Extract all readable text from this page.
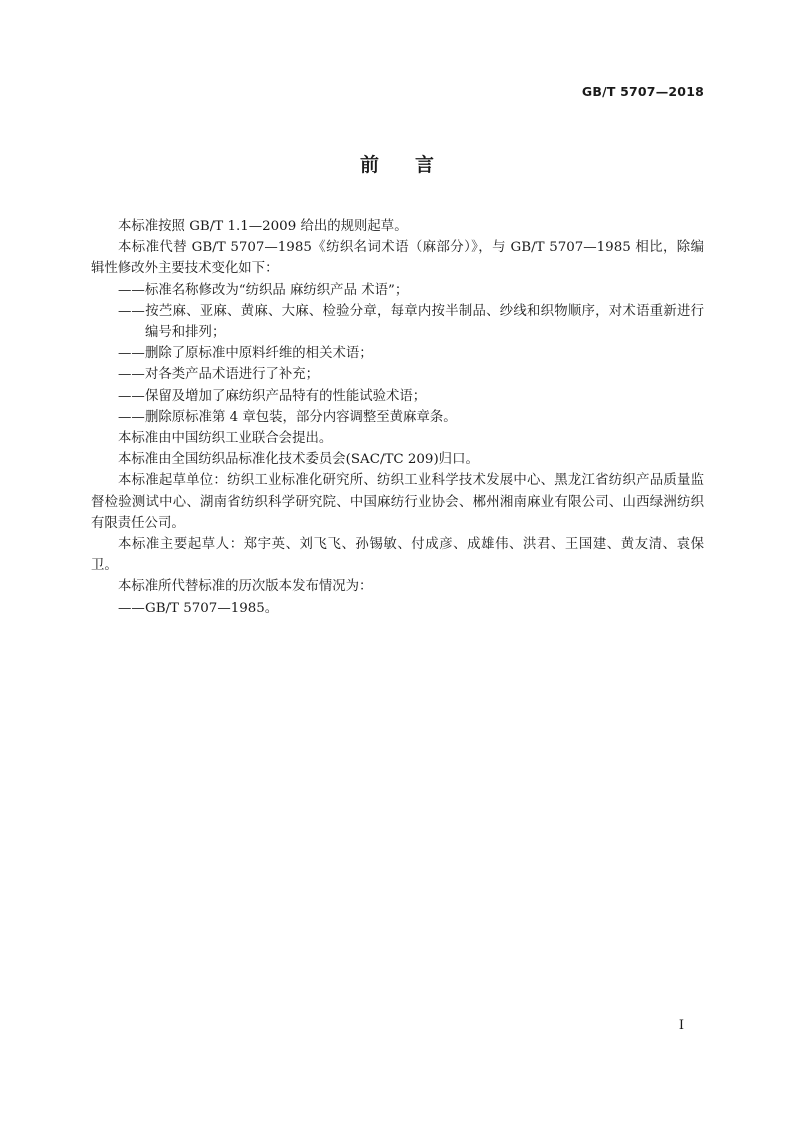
GB/T 5707—2018
前言

本标准按照 GB/T 1.1—2009 给出的规则起草。

本标准代替 GB/T 5707—1985《纺织名词术语（麻部分）》，与 GB/T 5707—1985 相比，除编辑性修改外主要技术变化如下：

——标准名称修改为“纺织品 麻纺织产品 术语”；

——按苎麻、亚麻、黄麻、大麻、检验分章，每章内按半制品、纱线和织物顺序，对术语重新进行编号和排列；

——删除了原标准中原料纤维的相关术语；

——对各类产品术语进行了补充；

——保留及增加了麻纺织产品特有的性能试验术语；

——删除原标准第 4 章包装，部分内容调整至黄麻章条。

本标准由中国纺织工业联合会提出。

本标准由全国纺织品标准化技术委员会(SAC/TC 209)归口。

本标准起草单位：纺织工业标准化研究所、纺织工业科学技术发展中心、黑龙江省纺织产品质量监督检验测试中心、湖南省纺织科学研究院、中国麻纺行业协会、郴州湘南麻业有限公司、山西绿洲纺织有限责任公司。

本标准主要起草人：郑宇英、刘飞飞、孙锡敏、付成彦、成雄伟、洪君、王国建、黄友清、袁保卫。

本标准所代替标准的历次版本发布情况为：

——GB/T 5707—1985。

I
